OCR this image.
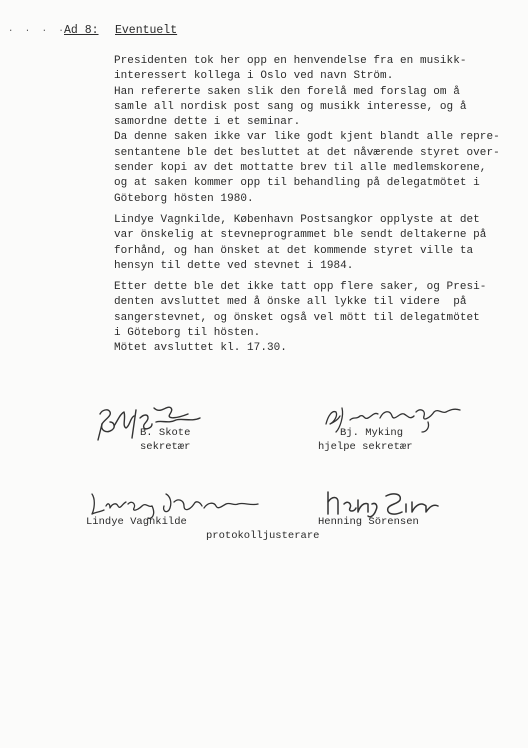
· · · ·
Ad 8: Eventuelt
Presidenten tok her opp en henvendelse fra en musikk-
interessert kollega i Oslo ved navn Ström.
Han refererte saken slik den forelå med forslag om å
samle all nordisk post sang og musikk interesse, og å
samordne dette i et seminar.
Da denne saken ikke var like godt kjent blandt alle repre-
sentantene ble det besluttet at det nåværende styret over-
sender kopi av det mottatte brev til alle medlemskorene,
og at saken kommer opp til behandling på delegatmötet i
Göteborg hösten 1980.
Lindye Vagnkilde, København Postsangkor opplyste at det
var önskelig at stevneprogrammet ble sendt deltakerne på
forhånd, og han önsket at det kommende styret ville ta
hensyn til dette ved stevnet i 1984.
Etter dette ble det ikke tatt opp flere saker, og Presi-
denten avsluttet med å önske all lykke til videre  på
sangerstevnet, og önsket også vel mött til delegatmötet
i Göteborg til hösten.
Mötet avsluttet kl. 17.30.
B. Skote
sekretær
Bj. Myking
hjelpe sekretær
Lindye Vagnkilde	Henning Sörensen
protokolljusterare
